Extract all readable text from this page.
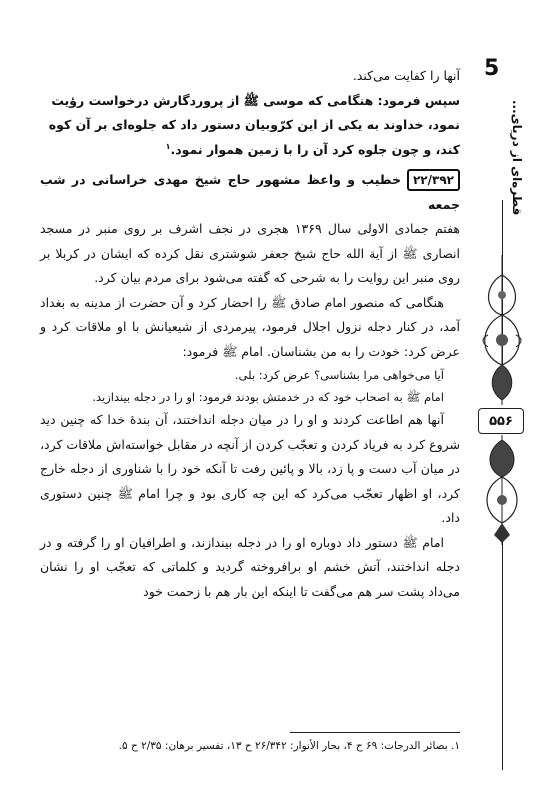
آنها را کفایت می‌کند.

سپس فرمود: هنگامی که موسی ﷺ از پروردگارش درخواست رؤیت

نمود، خداوند به یکی از این کرّوبیان دستور داد که جلوه‌ای بر آن کوه

کند، و چون جلوه کرد آن را با زمین هموار نمود.$^۱$

۲۲/۳۹۲خطیب و واعظ مشهور حاج شیخ مهدی خراسانی در شب جمعه

هفتم جمادی الاولی سال ۱۳۶۹ هجری در نجف اشرف بر روی منبر در مسجد انصاری ﷺ از آیة الله حاج شیخ جعفر شوشتری نقل کرده که ایشان در کربلا بر روی منبر این روایت را به شرحی که گفته می‌شود برای مردم بیان کرد.

هنگامی که منصور امام صادق ﷺ را احضار کرد و آن حضرت از مدینه به بغداد آمد، در کنار دجله نزول اجلال فرمود، پیرمردی از شیعیانش با او ملاقات کرد و عرض کرد: خودت را به من بشناسان. امام ﷺ فرمود:

آیا می‌خواهی مرا بشناسی؟ عرض کرد: بلی.

امام ﷺ به اصحاب خود که در خدمتش بودند فرمود: او را در دجله بیندازید.

آنها هم اطاعت کردند و او را در میان دجله انداختند، آن بندهٔ خدا که چنین دید شروع کرد به فریاد کردن و تعجّب کردن از آنچه در مقابل خواسته‌اش ملاقات کرد، در میان آب دست و پا زد، بالا و پائین رفت تا آنکه خود را با شناوری از دجله خارج کرد، او اظهار تعجّب می‌کرد که این چه کاری بود و چرا امام ﷺ چنین دستوری داد.

امام ﷺ دستور داد دوباره او را در دجله بیندازند، و اطرافیان او را گرفته و در دجله انداختند، آتش خشم او برافروخته گردید و کلماتی که تعجّب او را نشان می‌داد پشت سر هم می‌گفت تا اینکه این بار هم با زحمت خود

۱. بصائر الدرجات: ۶۹ ح ۴، بحار الأنوار: ۲۶/۳۴۲ ح ۱۳، تفسیر برهان: ۲/۳۵ ح ۵.
5
قطره‌ای از دریای...
۵۵۶
